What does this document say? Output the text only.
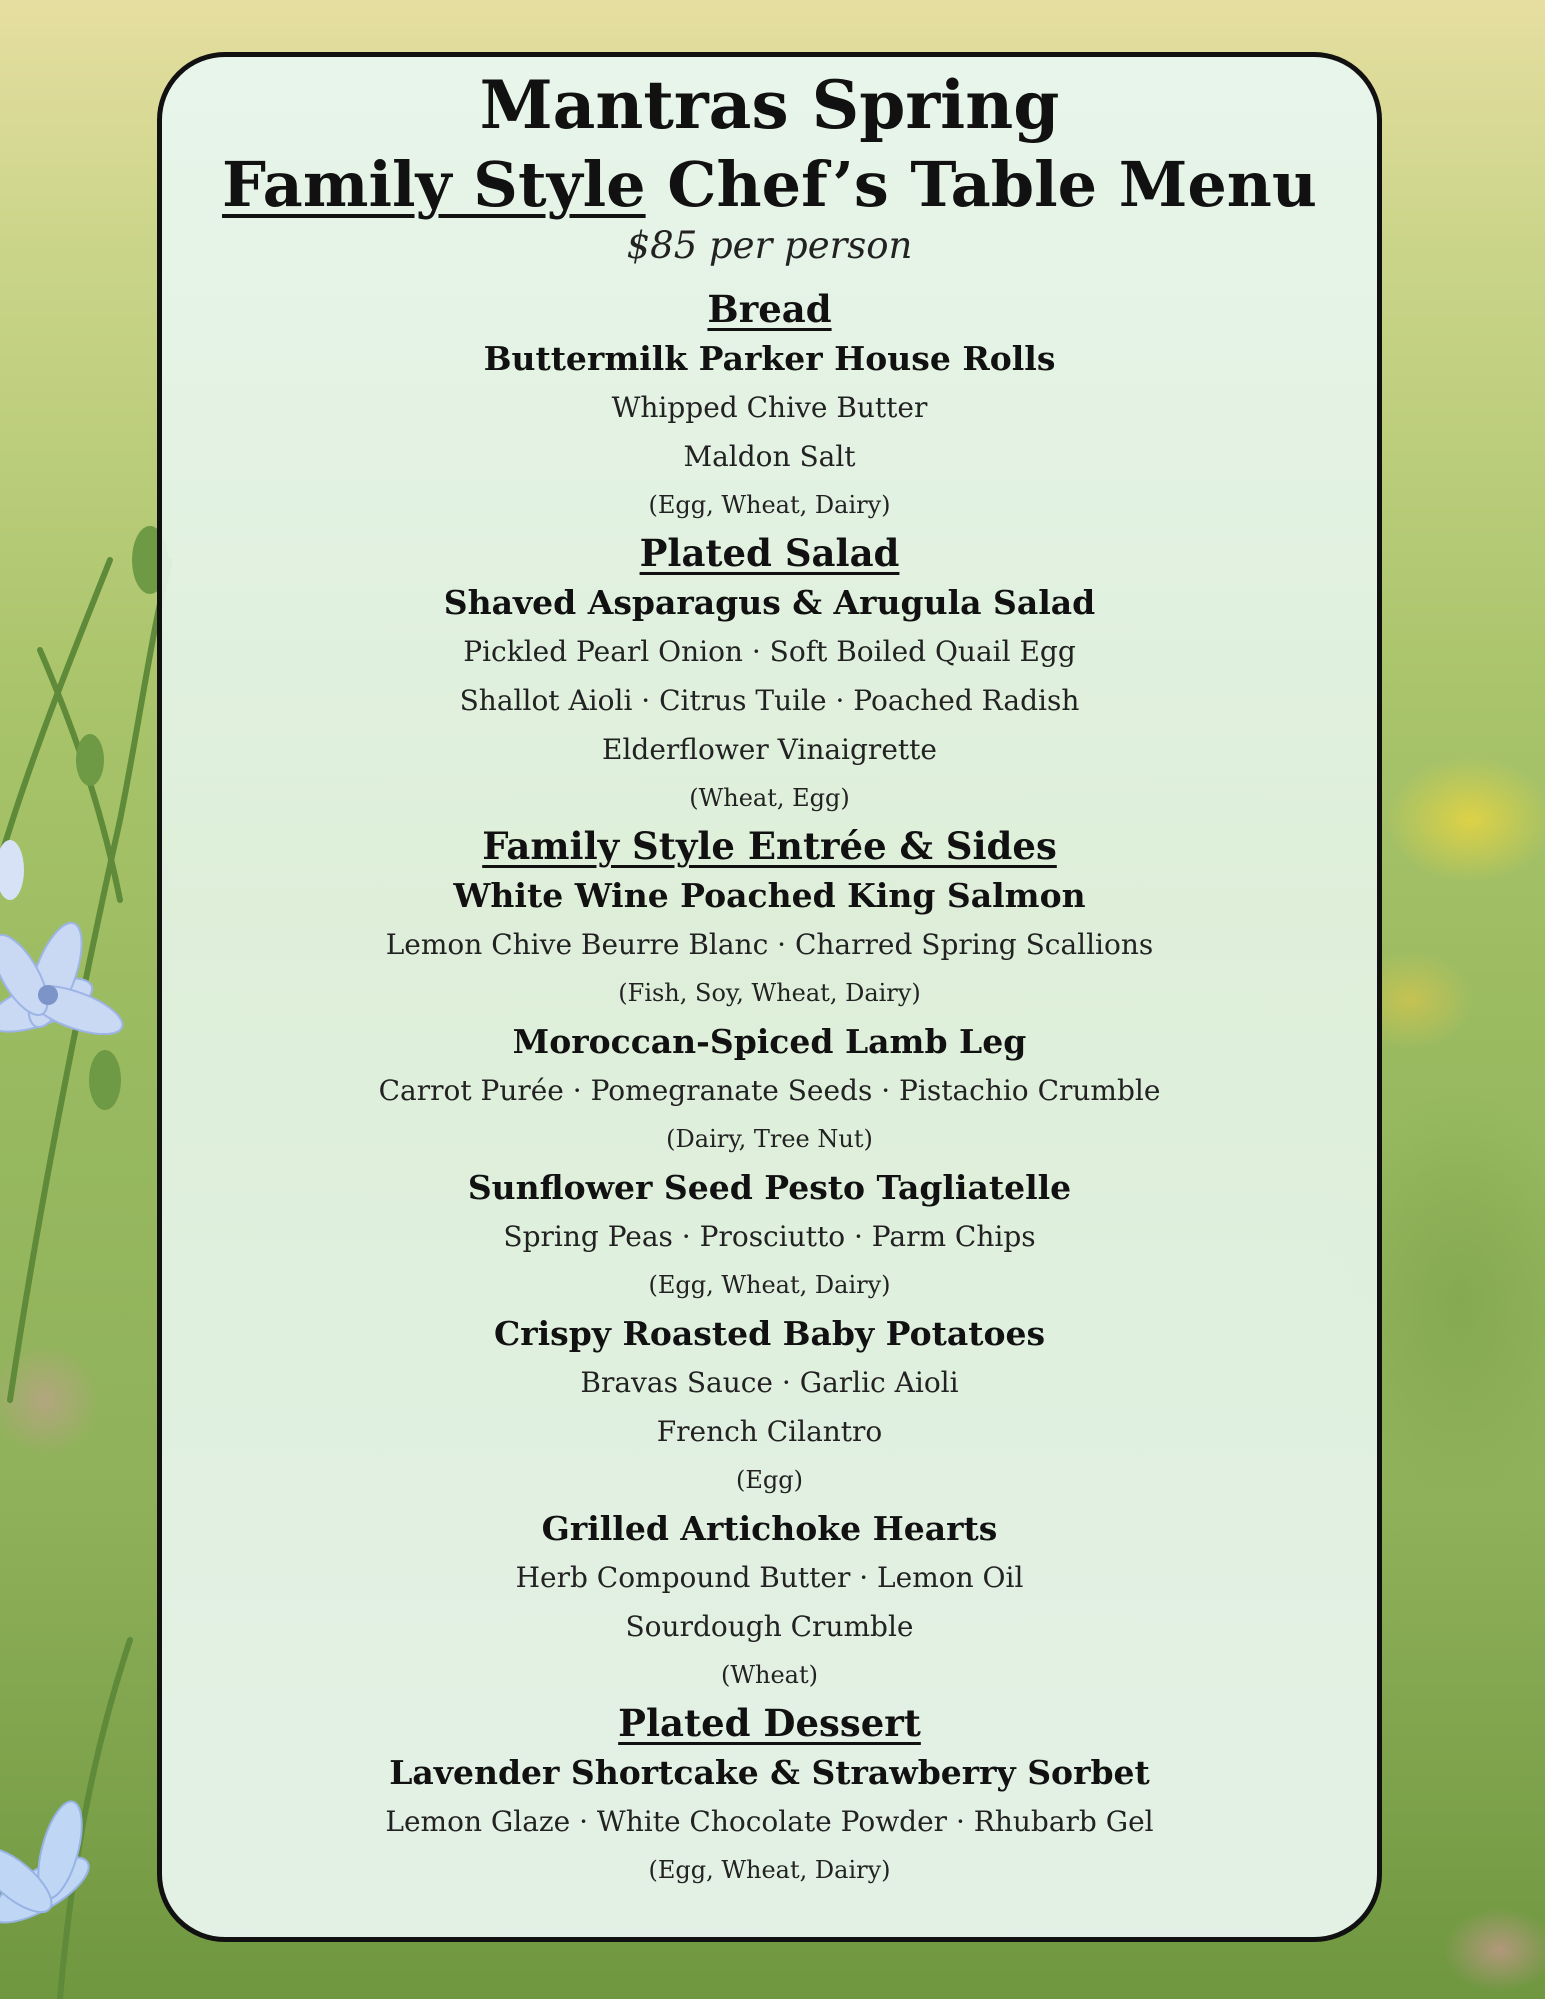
Mantras Spring
Family Style Chef’s Table Menu
$85 per person
Bread
Buttermilk Parker House Rolls
Whipped Chive Butter
Maldon Salt
(Egg, Wheat, Dairy)
Plated Salad
Shaved Asparagus & Arugula Salad
Pickled Pearl Onion · Soft Boiled Quail Egg
Shallot Aioli · Citrus Tuile · Poached Radish
Elderflower Vinaigrette
(Wheat, Egg)
Family Style Entrée & Sides
White Wine Poached King Salmon
Lemon Chive Beurre Blanc · Charred Spring Scallions
(Fish, Soy, Wheat, Dairy)
Moroccan-Spiced Lamb Leg
Carrot Purée · Pomegranate Seeds · Pistachio Crumble
(Dairy, Tree Nut)
Sunflower Seed Pesto Tagliatelle
Spring Peas · Prosciutto · Parm Chips
(Egg, Wheat, Dairy)
Crispy Roasted Baby Potatoes
Bravas Sauce · Garlic Aioli
French Cilantro
(Egg)
Grilled Artichoke Hearts
Herb Compound Butter · Lemon Oil
Sourdough Crumble
(Wheat)
Plated Dessert
Lavender Shortcake & Strawberry Sorbet
Lemon Glaze · White Chocolate Powder · Rhubarb Gel
(Egg, Wheat, Dairy)
